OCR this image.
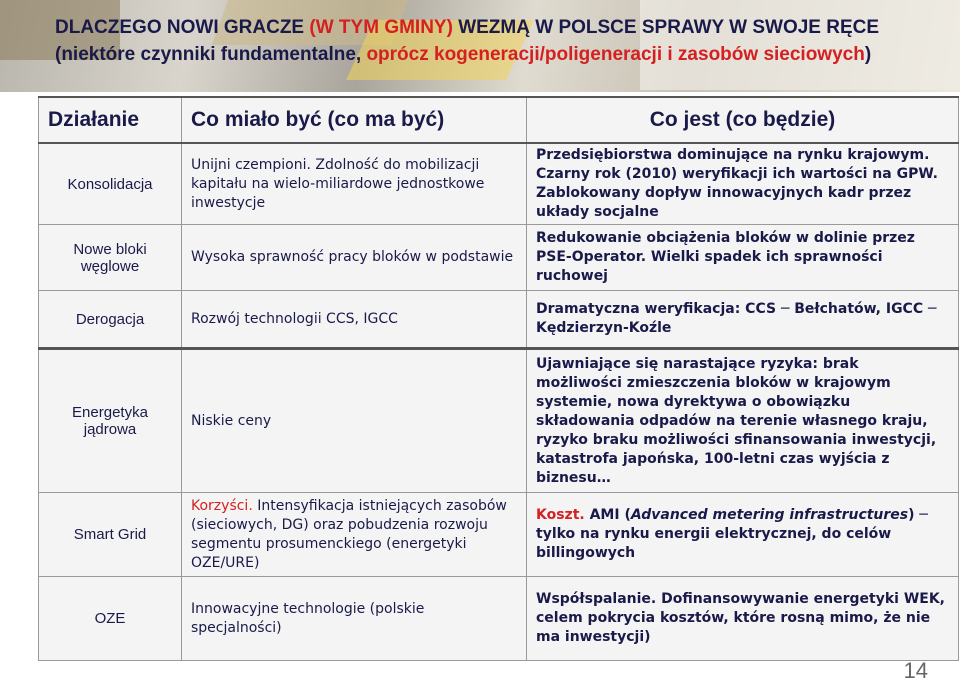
DLACZEGO NOWI GRACZE (W TYM GMINY) WEZMĄ W POLSCE SPRAWY W SWOJE RĘCE
(niektóre czynniki fundamentalne, oprócz kogeneracji/poligeneracji i zasobów sieciowych)
Działanie	Co miało być (co ma być)	Co jest (co będzie)
Konsolidacja	Unijni czempioni. Zdolność do mobilizacji kapitału na wielo-miliardowe jednostkowe inwestycje	Przedsiębiorstwa dominujące na rynku krajowym. Czarny rok (2010) weryfikacji ich wartości na GPW. Zablokowany dopływ innowacyjnych kadr przez układy socjalne
Nowe bloki węglowe	Wysoka sprawność pracy bloków w podstawie	Redukowanie obciążenia bloków w dolinie przez PSE-Operator. Wielki spadek ich sprawności ruchowej
Derogacja	Rozwój technologii CCS, IGCC	Dramatyczna weryfikacja: CCS ─ Bełchatów, IGCC ─ Kędzierzyn-Koźle
Energetyka jądrowa	Niskie ceny	Ujawniające się narastające ryzyka: brak możliwości zmieszczenia bloków w krajowym systemie, nowa dyrektywa o obowiązku składowania odpadów na terenie własnego kraju, ryzyko braku możliwości sfinansowania inwestycji, katastrofa japońska, 100-letni czas wyjścia z biznesu…
Smart Grid	Korzyści. Intensyfikacja istniejących zasobów (sieciowych, DG) oraz pobudzenia rozwoju segmentu prosumenckiego (energetyki OZE/URE)	Koszt. AMI (Advanced metering infrastructures) ─ tylko na rynku energii elektrycznej, do celów billingowych
OZE	Innowacyjne technologie (polskie specjalności)	Współspalanie. Dofinansowywanie energetyki WEK, celem pokrycia kosztów, które rosną mimo, że nie ma inwestycji)
14
